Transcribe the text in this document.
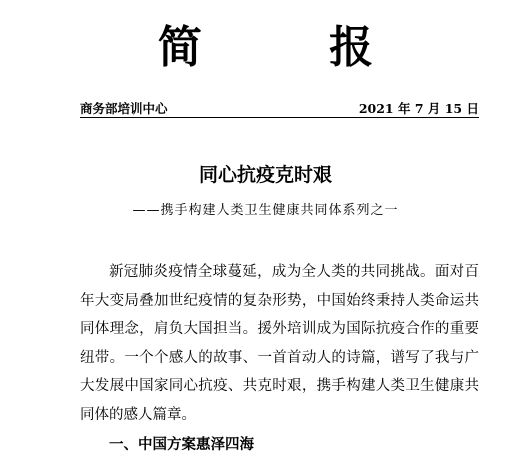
简 报
商务部培训中心	2021 年 7 月 15 日
同心抗疫克时艰
——携手构建人类卫生健康共同体系列之一

新冠肺炎疫情全球蔓延，成为全人类的共同挑战。面对百年大变局叠加世纪疫情的复杂形势，中国始终秉持人类命运共同体理念，肩负大国担当。援外培训成为国际抗疫合作的重要纽带。一个个感人的故事、一首首动人的诗篇，谱写了我与广大发展中国家同心抗疫、共克时艰，携手构建人类卫生健康共同体的感人篇章。

一、中国方案惠泽四海
